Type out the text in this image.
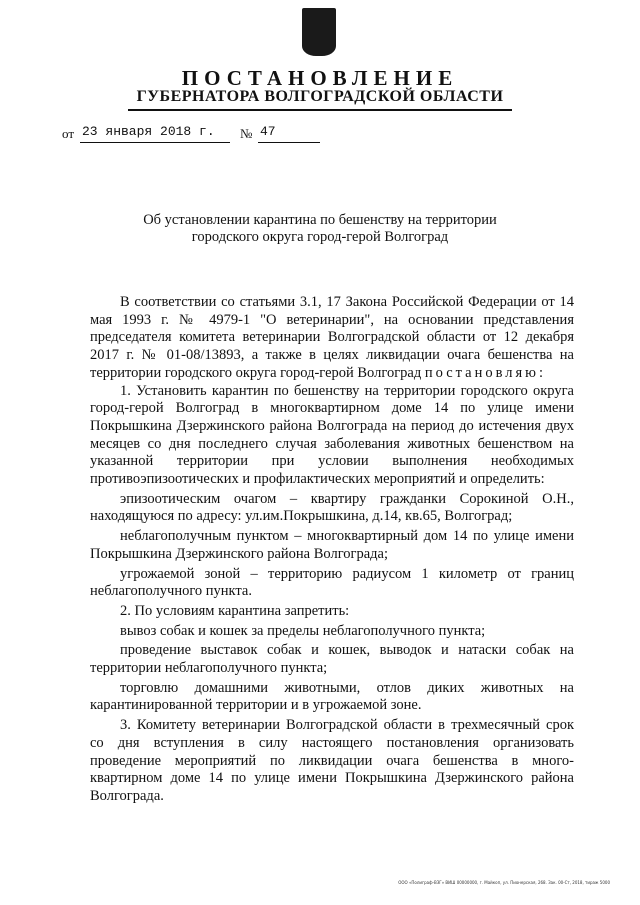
ПОСТАНОВЛЕНИЕ
ГУБЕРНАТОРА ВОЛГОГРАДСКОЙ ОБЛАСТИ
от 23 января 2018 г.	№ 47
Об установлении карантина по бешенству на территории
городского округа город-герой Волгоград

В соответствии со статьями 3.1, 17 Закона Российской Федерации от 14 мая 1993 г. № 4979-1 "О ветеринарии", на основании представления председателя комитета ветеринарии Волгоградской области от 12 декабря 2017 г. № 01-08/13893, а также в целях ликвидации очага бешенства на территории городского округа город-герой Волгоград постановляю:

1. Установить карантин по бешенству на территории городского округа город-герой Волгоград в многоквартирном доме 14 по улице имени Покрышкина Дзержинского района Волгограда на период до истечения двух месяцев со дня последнего случая заболевания животных бешенством на указанной территории при условии выполнения необходимых противоэпизоотических и профилактических мероприятий и определить:

эпизоотическим очагом – квартиру гражданки Сорокиной О.Н., находящуюся по адресу: ул.им.Покрышкина, д.14, кв.65, Волгоград;

неблагополучным пунктом – многоквартирный дом 14 по улице имени Покрышкина Дзержинского района Волгограда;

угрожаемой зоной – территорию радиусом 1 километр от границ неблагополучного пункта.

2. По условиям карантина запретить:

вывоз собак и кошек за пределы неблагополучного пункта;

проведение выставок собак и кошек, выводок и натаски собак на территории неблагополучного пункта;

торговлю домашними животными, отлов диких животных на карантинированной территории и в угрожаемой зоне.

3. Комитету ветеринарии Волгоградской области в трехмесячный срок со дня вступления в силу настоящего постановления организовать проведение мероприятий по ликвидации очага бешенства в много-квартирном доме 14 по улице имени Покрышкина Дзержинского района Волгограда.

ООО «Полиграф-ВЗГ» ВИШ 00000000, г. Майкоп, ул. Пионерская, 268. Зак. 00-Ст, 2018, тираж 5000
